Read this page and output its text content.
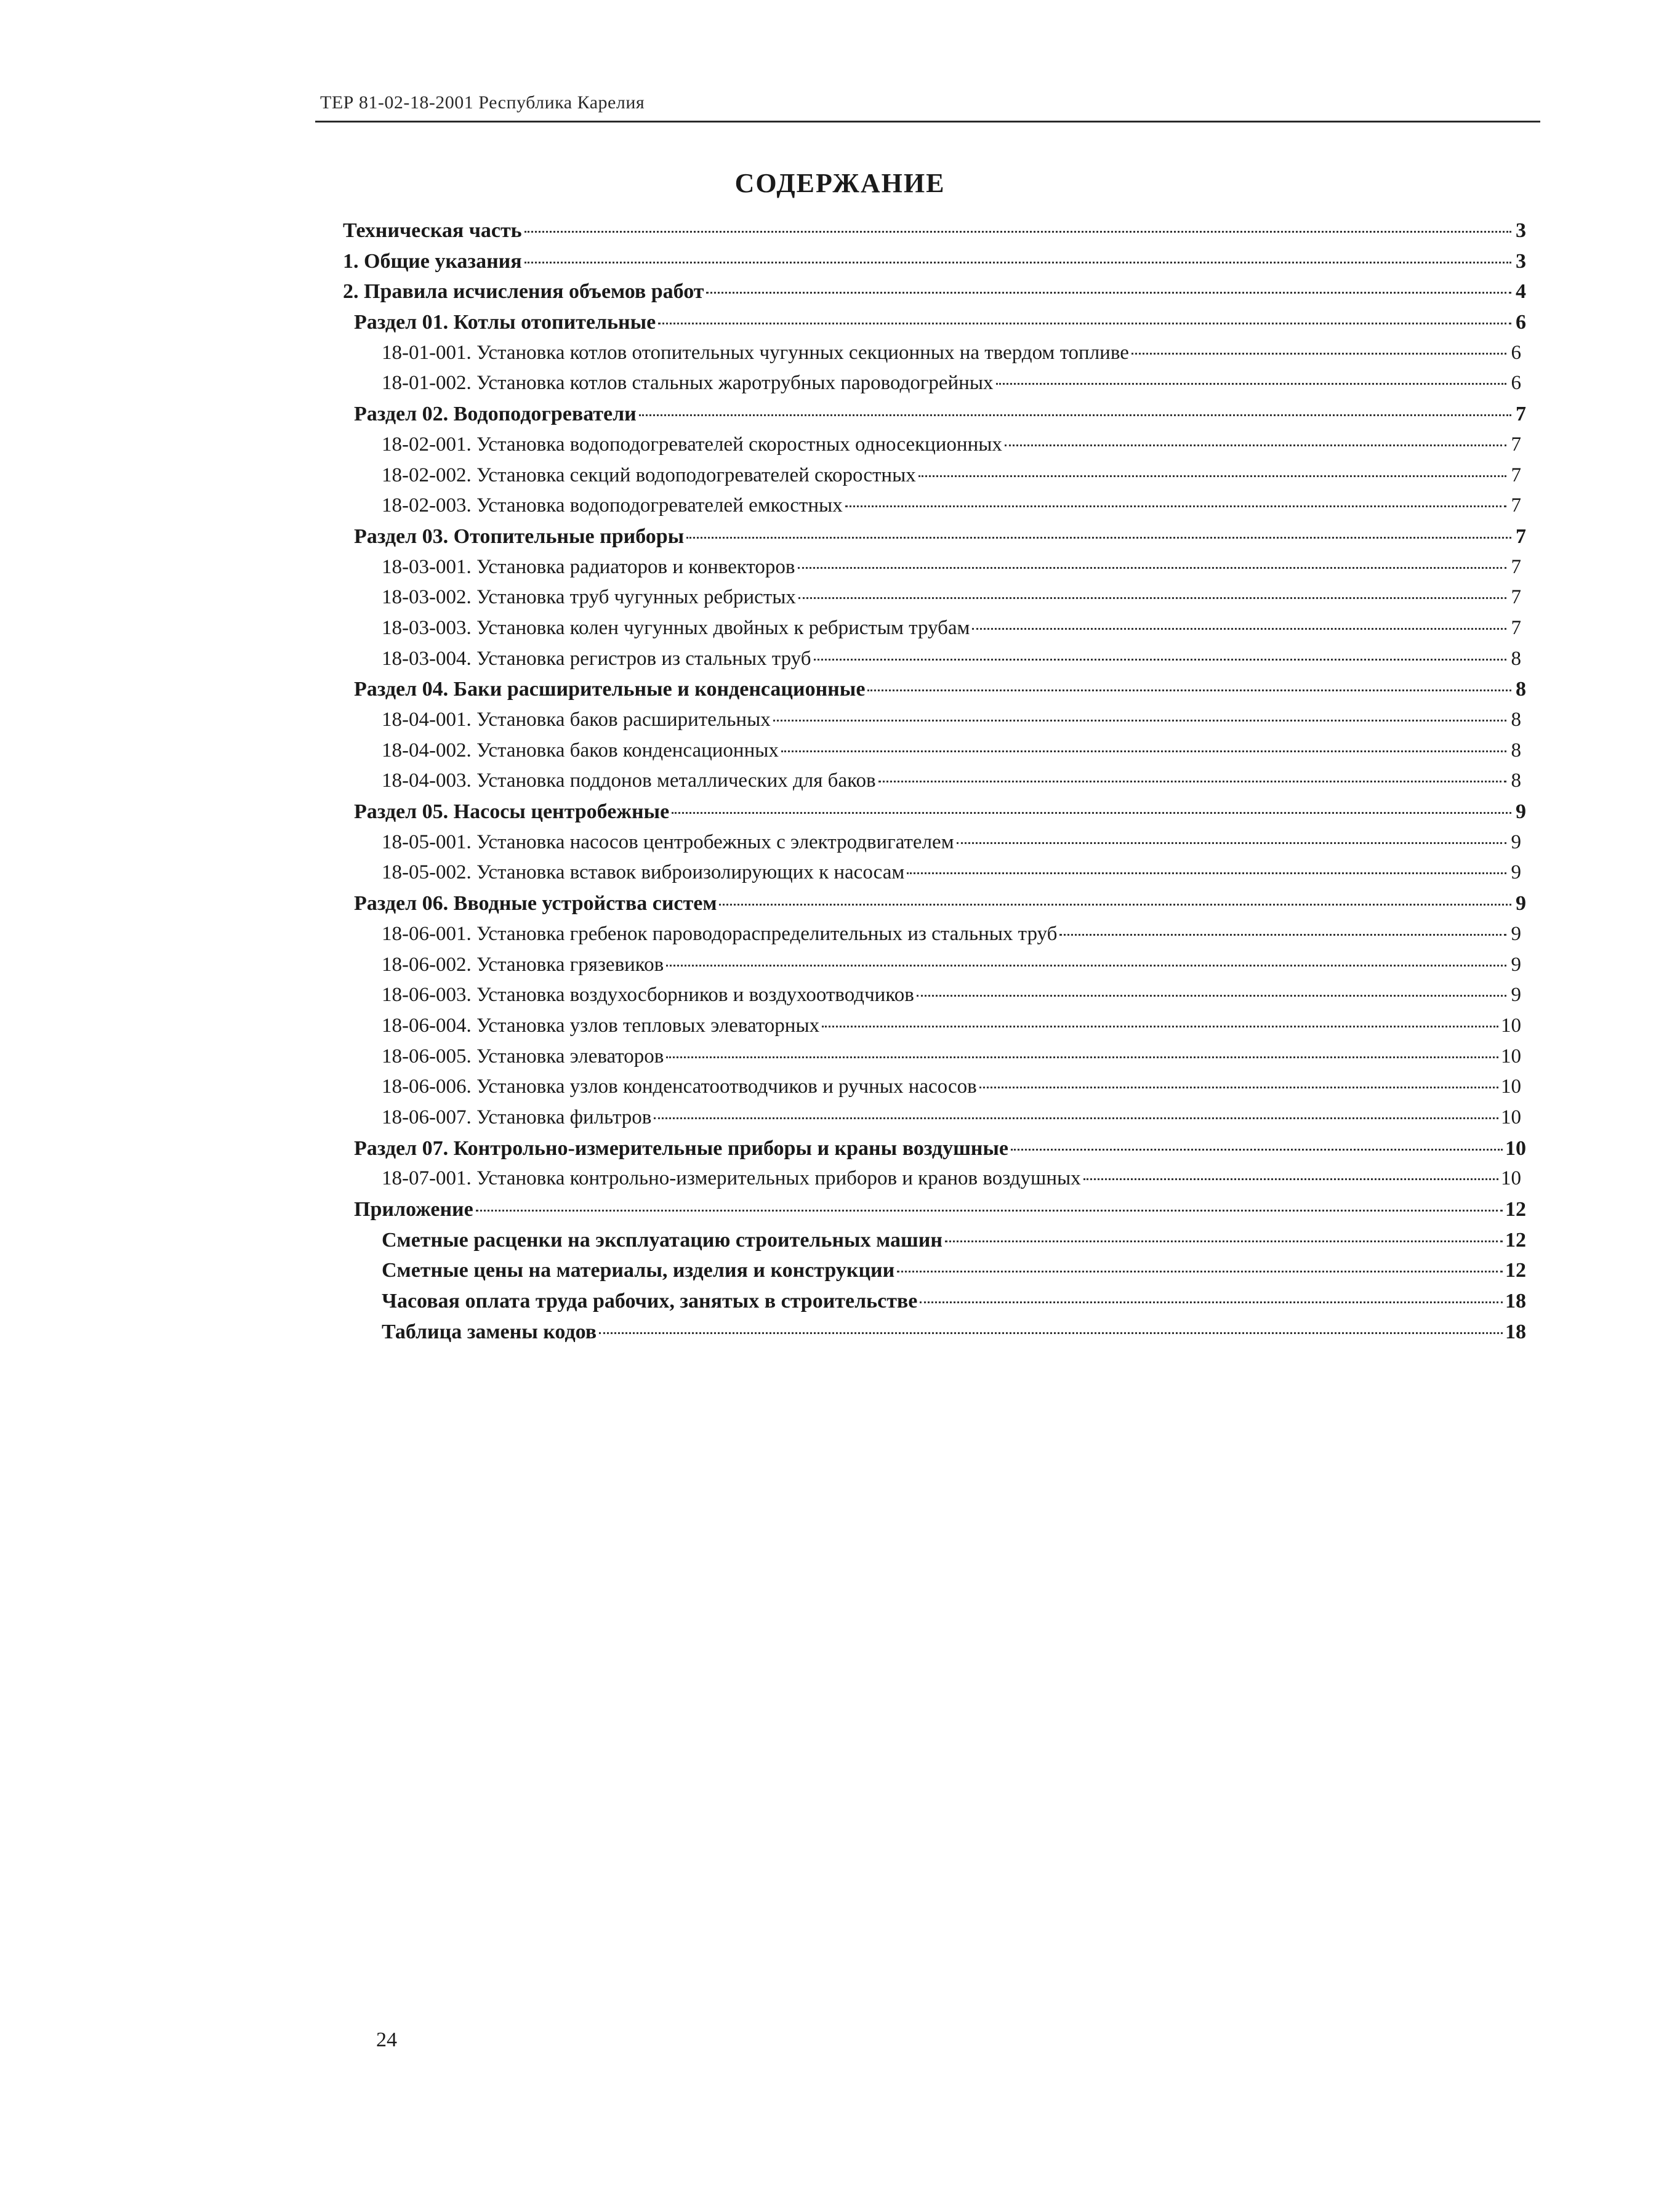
ТЕР 81-02-18-2001 Республика Карелия
СОДЕРЖАНИЕ
Техническая часть	3
1. Общие указания	3
2. Правила исчисления объемов работ	4
Раздел 01. Котлы отопительные	6
18-01-001. Установка котлов отопительных чугунных секционных на твердом топливе	6
18-01-002. Установка котлов стальных жаротрубных пароводогрейных	6
Раздел 02. Водоподогреватели	7
18-02-001. Установка водоподогревателей скоростных односекционных	7
18-02-002. Установка секций водоподогревателей скоростных	7
18-02-003. Установка водоподогревателей емкостных	7
Раздел 03. Отопительные приборы	7
18-03-001. Установка радиаторов и конвекторов	7
18-03-002. Установка труб чугунных ребристых	7
18-03-003. Установка колен чугунных двойных к ребристым трубам	7
18-03-004. Установка регистров из стальных труб	8
Раздел 04. Баки расширительные и конденсационные	8
18-04-001. Установка баков расширительных	8
18-04-002. Установка баков конденсационных	8
18-04-003. Установка поддонов металлических для баков	8
Раздел 05. Насосы центробежные	9
18-05-001. Установка насосов центробежных с электродвигателем	9
18-05-002. Установка вставок виброизолирующих к насосам	9
Раздел 06. Вводные устройства систем	9
18-06-001. Установка гребенок пароводораспределительных из стальных труб	9
18-06-002. Установка грязевиков	9
18-06-003. Установка воздухосборников и воздухоотводчиков	9
18-06-004. Установка узлов тепловых элеваторных	10
18-06-005. Установка элеваторов	10
18-06-006. Установка узлов конденсатоотводчиков и ручных насосов	10
18-06-007. Установка фильтров	10
Раздел 07. Контрольно-измерительные приборы и краны воздушные	10
18-07-001. Установка контрольно-измерительных приборов и кранов воздушных	10
Приложение	12
Сметные расценки на эксплуатацию строительных машин	12
Сметные цены на материалы, изделия и конструкции	12
Часовая оплата труда рабочих, занятых в строительстве	18
Таблица замены кодов	18
24
